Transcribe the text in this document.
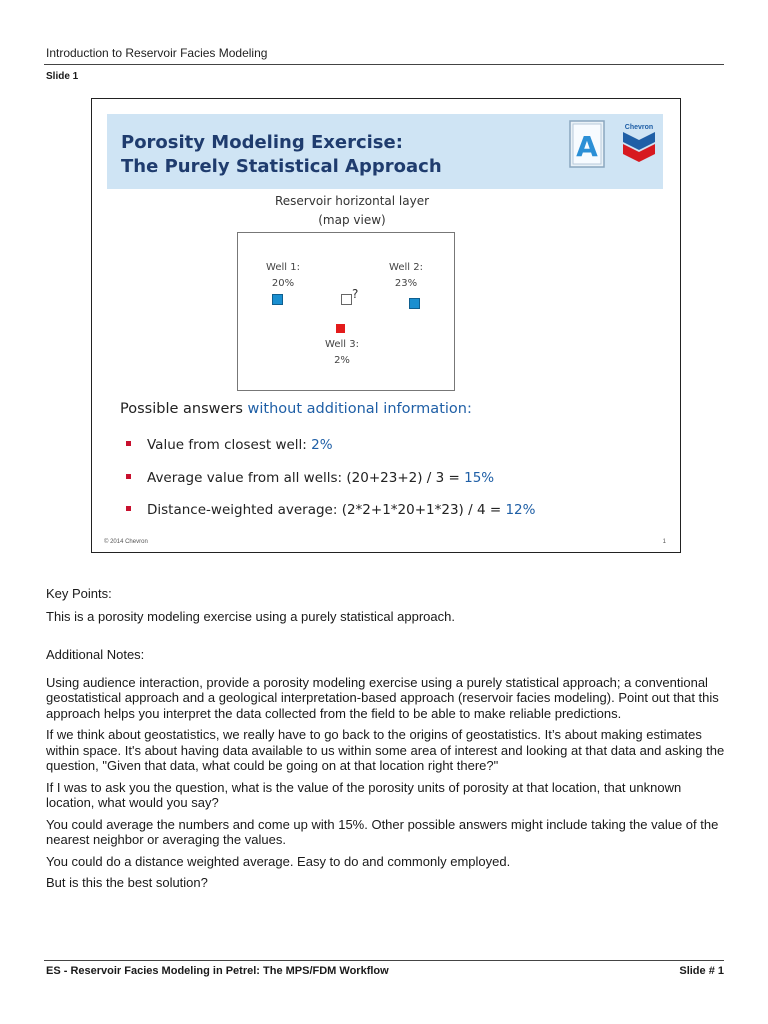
Introduction to Reservoir Facies Modeling
Slide 1
Porosity Modeling Exercise:
The Purely Statistical Approach
A
Chevron
Reservoir horizontal layer
(map view)
Well 1:
20%
Well 2:
23%
?
Well 3:
2%
Possible answers without additional information:
Value from closest well: 2%
Average value from all wells: (20+23+2) / 3 = 15%
Distance-weighted average: (2*2+1*20+1*23) / 4 = 12%
© 2014 Chevron	1

Key Points:

This is a porosity modeling exercise using a purely statistical approach.

Additional Notes:

Using audience interaction, provide a porosity modeling exercise using a purely statistical approach; a conventional geostatistical approach and a geological interpretation-based approach (reservoir facies modeling). Point out that this approach helps you interpret the data collected from the field to be able to make reliable predictions.

If we think about geostatistics, we really have to go back to the origins of geostatistics. It’s about making estimates within space. It's about having data available to us within some area of interest and looking at that data and asking the question, "Given that data, what could be going on at that location right there?"

If I was to ask you the question, what is the value of the porosity units of porosity at that location, that unknown location, what would you say?

You could average the numbers and come up with 15%. Other possible answers might include taking the value of the nearest neighbor or averaging the values.

You could do a distance weighted average. Easy to do and commonly employed.

But is this the best solution?

ES - Reservoir Facies Modeling in Petrel: The MPS/FDM Workflow	Slide # 1
